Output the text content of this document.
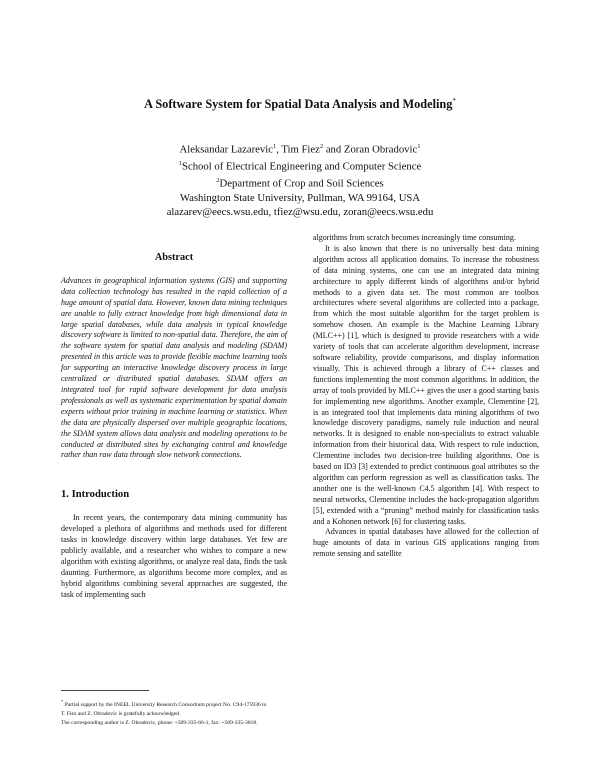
A Software System for Spatial Data Analysis and Modeling*
Aleksandar Lazarevic$^1$, Tim Fiez$^2$ and Zoran Obradovic$^1$
$^1$School of Electrical Engineering and Computer Science
$^2$Department of Crop and Soil Sciences
Washington State University, Pullman, WA 99164, USA
alazarev@eecs.wsu.edu, tfiez@wsu.edu, zoran@eecs.wsu.edu
Abstract

Advances in geographical information systems (GIS) and supporting data collection technology has resulted in the rapid collection of a huge amount of spatial data. However, known data mining techniques are unable to fully extract knowledge from high dimensional data in large spatial databases, while data analysis in typical knowledge discovery software is limited to non-spatial data. Therefore, the aim of the software system for spatial data analysis and modeling (SDAM) presented in this article was to provide flexible machine learning tools for supporting an interactive knowledge discovery process in large centralized or distributed spatial databases. SDAM offers an integrated tool for rapid software development for data analysis professionals as well as systematic experimentation by spatial domain experts without prior training in machine learning or statistics. When the data are physically dispersed over multiple geographic locations, the SDAM system allows data analysis and modeling operations to be conducted at distributed sites by exchanging control and knowledge rather than raw data through slow network connections.

1. Introduction

In recent years, the contemporary data mining community has developed a plethora of algorithms and methods used for different tasks in knowledge discovery within large databases. Yet few are publicly available, and a researcher who wishes to compare a new algorithm with existing algorithms, or analyze real data, finds the task daunting. Furthermore, as algorithms become more complex, and as hybrid algorithms combining several approaches are suggested, the task of implementing such

algorithms from scratch becomes increasingly time consuming.

It is also known that there is no universally best data mining algorithm across all application domains. To increase the robustness of data mining systems, one can use an integrated data mining architecture to apply different kinds of algorithms and/or hybrid methods to a given data set. The most common are toolbox architectures where several algorithms are collected into a package, from which the most suitable algorithm for the target problem is somehow chosen. An example is the Machine Learning Library (MLC++) [1], which is designed to provide researchers with a wide variety of tools that can accelerate algorithm development, increase software reliability, provide comparisons, and display information visually. This is achieved through a library of C++ classes and functions implementing the most common algorithms. In addition, the array of tools provided by MLC++ gives the user a good starting basis for implementing new algorithms. Another example, Clementine [2], is an integrated tool that implements data mining algorithms of two knowledge discovery paradigms, namely rule induction and neural networks. It is designed to enable non-specialists to extract valuable information from their historical data. With respect to rule induction, Clementine includes two decision-tree building algorithms. One is based on ID3 [3] extended to predict continuous goal attributes so the algorithm can perform regression as well as classification tasks. The another one is the well-known C4.5 algorithm [4]. With respect to neural networks, Clementine includes the back-propagation algorithm [5], extended with a “pruning” method mainly for classification tasks and a Kohonen network [6] for clustering tasks.

Advances in spatial databases have allowed for the collection of huge amounts of data in various GIS applications ranging from remote sensing and satellite

* Partial support by the INEEL University Research Consortium project No. C94-175936 to
T. Fiez and Z. Obradovic is gratefully acknowledged.
The corresponding author is Z. Obradovic, phone: +509-335-66-1, fax: +509-335-3818.
